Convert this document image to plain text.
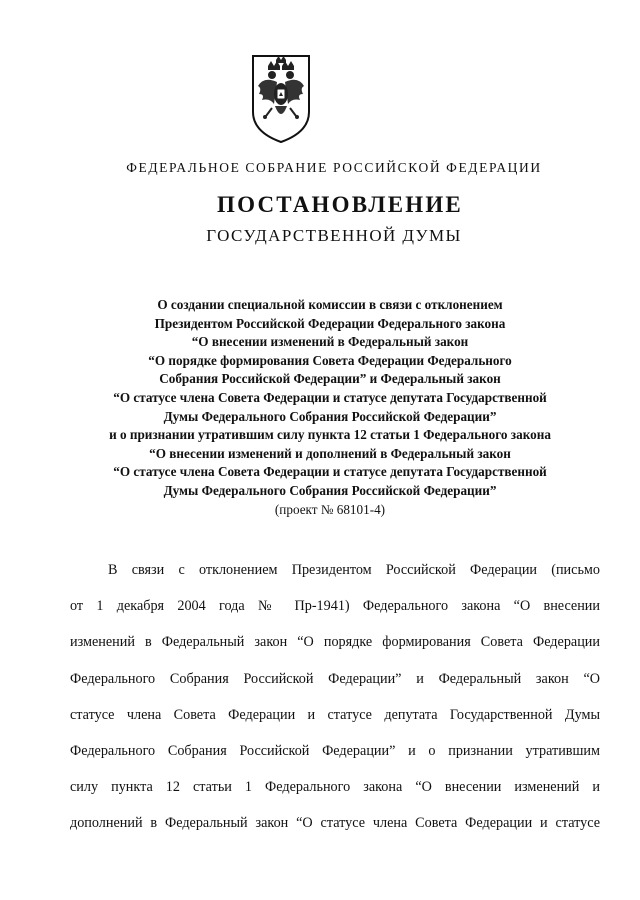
ФЕДЕРАЛЬНОЕ СОБРАНИЕ РОССИЙСКОЙ ФЕДЕРАЦИИ
ПОСТАНОВЛЕНИЕ
ГОСУДАРСТВЕННОЙ ДУМЫ
О создании специальной комиссии в связи с отклонением
Президентом Российской Федерации Федерального закона
“О внесении изменений в Федеральный закон
“О порядке формирования Совета Федерации Федерального
Собрания Российской Федерации” и Федеральный закон
“О статусе члена Совета Федерации и статусе депутата Государственной
Думы Федерального Собрания Российской Федерации”
и о признании утратившим силу пункта 12 статьи 1 Федерального закона
“О внесении изменений и дополнений в Федеральный закон
“О статусе члена Совета Федерации и статусе депутата Государственной
Думы Федерального Собрания Российской Федерации”
(проект № 68101-4)
В связи с отклонением Президентом Российской Федерации (письмо
от 1 декабря 2004 года № Пр-1941) Федерального закона “О внесении
изменений в Федеральный закон “О порядке формирования Совета Федерации
Федерального Собрания Российской Федерации” и Федеральный закон “О
статусе члена Совета Федерации и статусе депутата Государственной Думы
Федерального Собрания Российской Федерации” и о признании утратившим
силу пункта 12 статьи 1 Федерального закона “О внесении изменений и
дополнений в Федеральный закон “О статусе члена Совета Федерации и статусе
